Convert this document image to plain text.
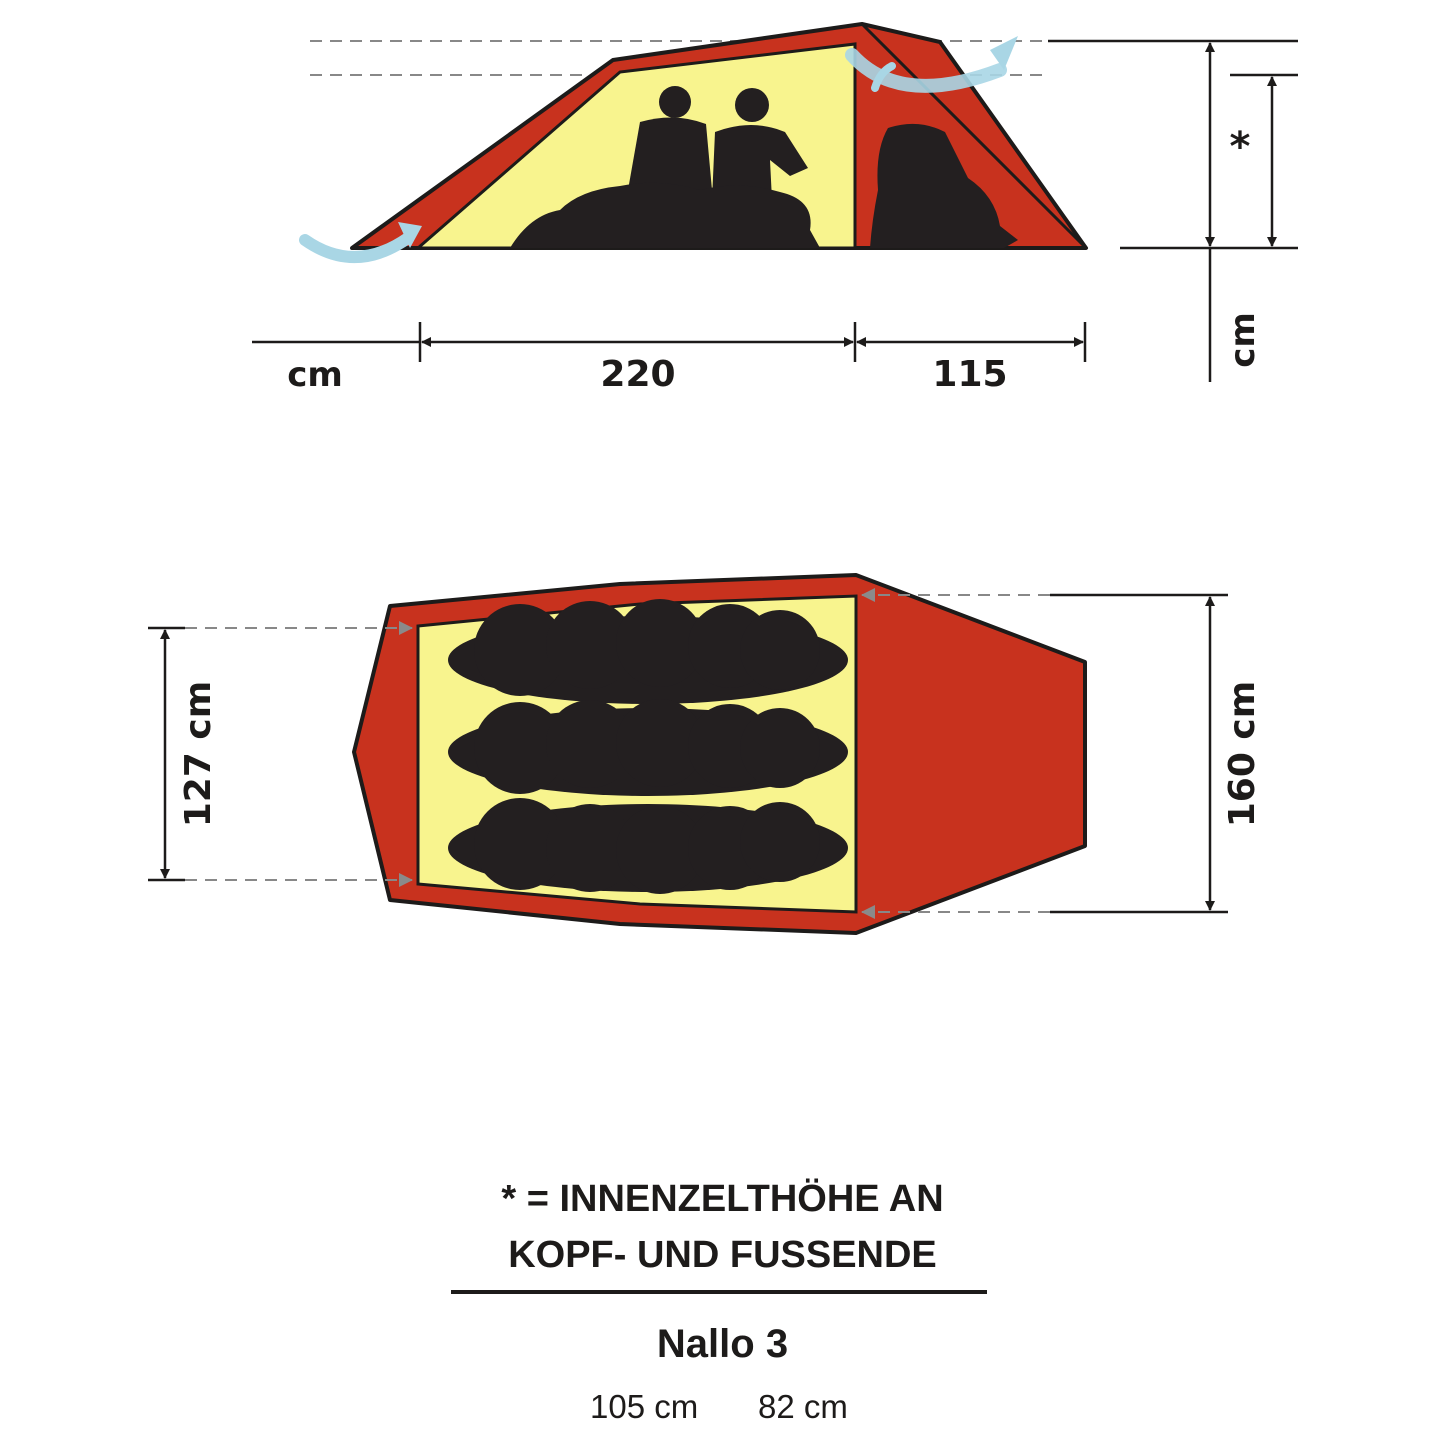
cm	220	115
*
cm
127 cm	160 cm
* = INNENZELTHÖHE AN
KOPF- UND FUSSENDE
Nallo 3
105 cm 82 cm
